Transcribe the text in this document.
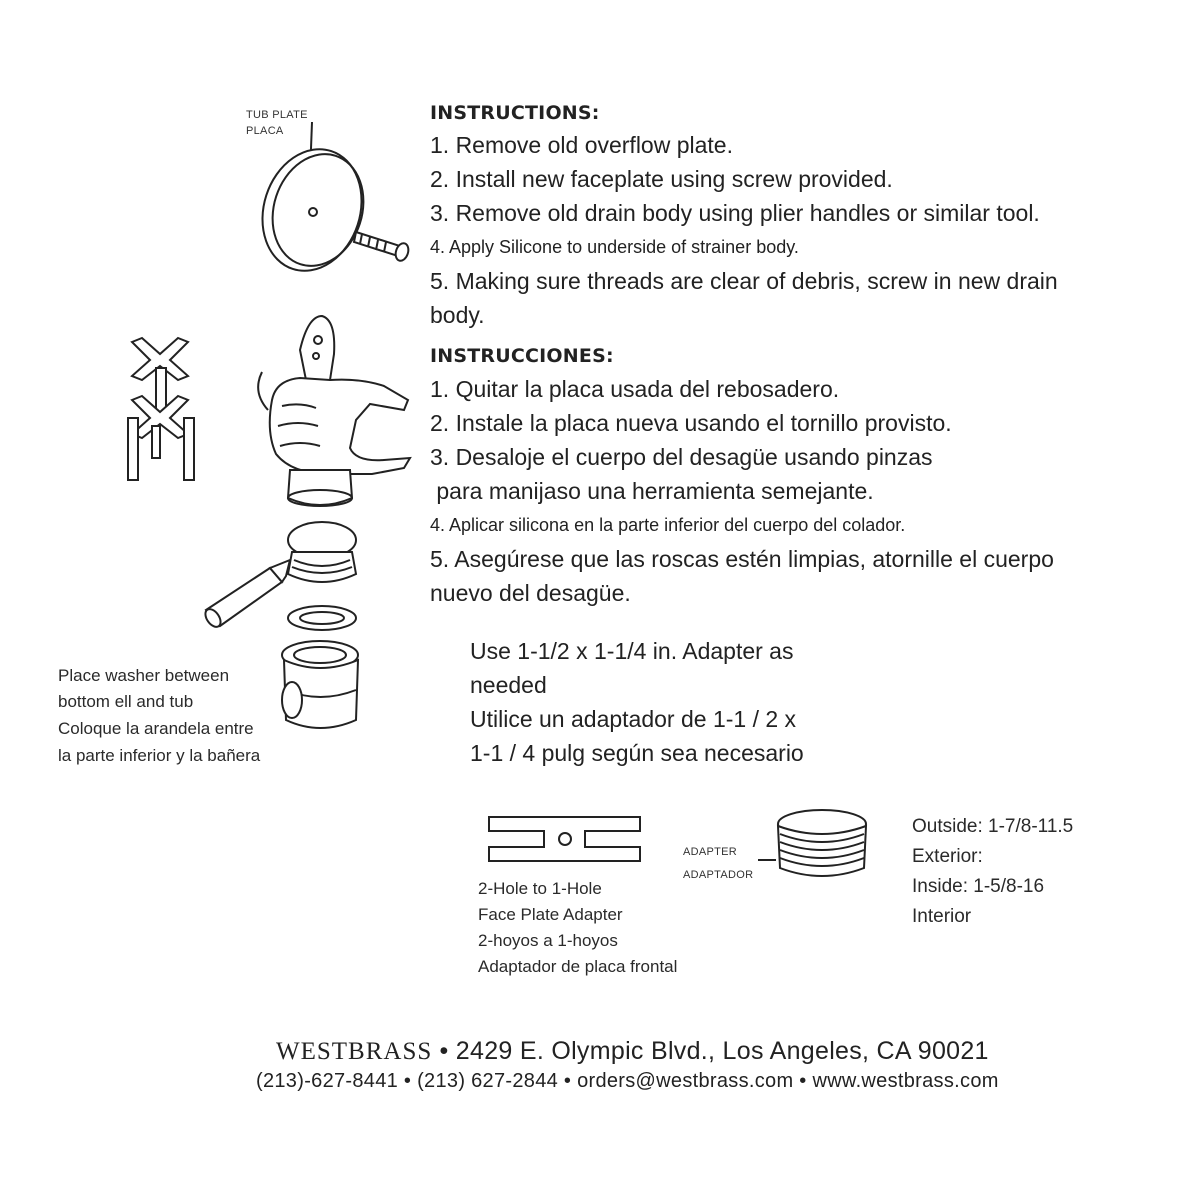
TUB PLATE
PLACA
Place washer between
bottom ell and tub
Coloque la arandela entre
la parte inferior y la bañera
INSTRUCTIONS:
1. Remove old overflow plate.
2. Install new faceplate using screw provided.
3. Remove old drain body using plier handles or similar tool.
4. Apply Silicone to underside of strainer body.
5. Making sure threads are clear of debris, screw in new drain
body.
INSTRUCCIONES:
1. Quitar la placa usada del rebosadero.
2. Instale la placa nueva usando el tornillo provisto.
3. Desaloje el cuerpo del desagüe usando pinzas
para manijaso una herramienta semejante.
4. Aplicar silicona en la parte inferior del cuerpo del colador.
5. Asegúrese que las roscas estén limpias, atornille el cuerpo
nuevo del desagüe.
Use 1-1/2 x 1-1/4 in. Adapter as
needed
Utilice un adaptador de 1-1 / 2 x
1-1 / 4 pulg según sea necesario
2-Hole to 1-Hole
Face Plate Adapter
2-hoyos a 1-hoyos
Adaptador de placa frontal
ADAPTER
ADAPTADOR
Outside: 1-7/8-11.5
Exterior:
Inside: 1-5/8-16
Interior
WESTBRASS • 2429 E. Olympic Blvd., Los Angeles, CA 90021
(213)-627-8441 • (213) 627-2844 • orders@westbrass.com • www.westbrass.com
